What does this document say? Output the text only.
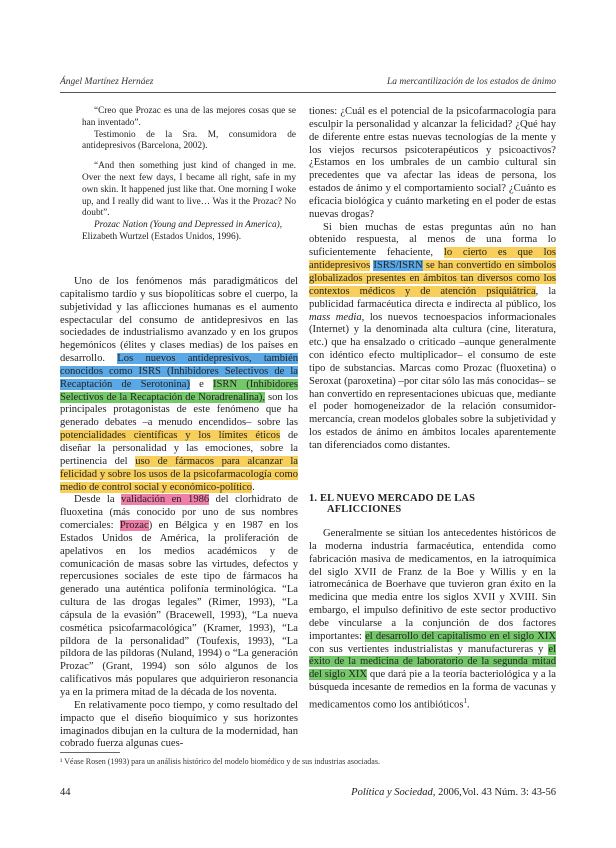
Ángel Martínez Hernáez	La mercantilización de los estados de ánimo

“Creo que Prozac es una de las mejores cosas que se han inventado”.

Testimonio de la Sra. M, consumidora de antidepresivos (Barcelona, 2002).

“And then something just kind of changed in me. Over the next few days, I became all right, safe in my own skin. It happened just like that. One morning I woke up, and I really did want to live… Was it the Prozac? No doubt”.

Prozac Nation (Young and Depressed in America),

Elizabeth Wurtzel (Estados Unidos, 1996).

Uno de los fenómenos más paradigmáticos del capitalismo tardío y sus biopolíticas sobre el cuerpo, la subjetividad y las aflicciones humanas es el aumento espectacular del consumo de antidepresivos en las sociedades de industrialismo avanzado y en los grupos hegemónicos (élites y clases medias) de los países en desarrollo. Los nuevos antidepresivos, también conocidos como ISRS (Inhibidores Selectivos de la Recaptación de Serotonina) e ISRN (Inhibidores Selectivos de la Recaptación de Noradrenalina), son los principales protagonistas de este fenómeno que ha generado debates –a menudo encendidos– sobre las potencialidades científicas y los límites éticos de diseñar la personalidad y las emociones, sobre la pertinencia del uso de fármacos para alcanzar la felicidad y sobre los usos de la psicofarmacología como medio de control social y económico-político.

Desde la validación en 1986 del clorhidrato de fluoxetina (más conocido por uno de sus nombres comerciales: Prozac) en Bélgica y en 1987 en los Estados Unidos de América, la proliferación de apelativos en los medios académicos y de comunicación de masas sobre las virtudes, defectos y repercusiones sociales de este tipo de fármacos ha generado una auténtica polifonía terminológica. “La cultura de las drogas legales” (Rimer, 1993), “La cápsula de la evasión” (Bracewell, 1993), “La nueva cosmética psicofarmacológica” (Kramer, 1993), “La píldora de la personalidad” (Toufexis, 1993), “La píldora de las píldoras (Nuland, 1994) o “La generación Prozac” (Grant, 1994) son sólo algunos de los calificativos más populares que adquirieron resonancia ya en la primera mitad de la década de los noventa.

En relativamente poco tiempo, y como resultado del impacto que el diseño bioquímico y sus horizontes imaginados dibujan en la cultura de la modernidad, han cobrado fuerza algunas cues-

tiones: ¿Cuál es el potencial de la psicofarmacología para esculpir la personalidad y alcanzar la felicidad? ¿Qué hay de diferente entre estas nuevas tecnologías de la mente y los viejos recursos psicoterapéuticos y psicoactivos? ¿Estamos en los umbrales de un cambio cultural sin precedentes que va afectar las ideas de persona, los estados de ánimo y el comportamiento social? ¿Cuánto es eficacia biológica y cuánto marketing en el poder de estas nuevas drogas?

Si bien muchas de estas preguntas aún no han obtenido respuesta, al menos de una forma lo suficientemente fehaciente, lo cierto es que los antidepresivos ISRS/ISRN se han convertido en símbolos globalizados presentes en ámbitos tan diversos como los contextos médicos y de atención psiquiátrica, la publicidad farmacéutica directa e indirecta al público, los mass media, los nuevos tecnoespacios informacionales (Internet) y la denominada alta cultura (cine, literatura, etc.) que ha ensalzado o criticado –aunque generalmente con idéntico efecto multiplicador– el consumo de este tipo de substancias. Marcas como Prozac (fluoxetina) o Seroxat (paroxetina) –por citar sólo las más conocidas– se han convertido en representaciones ubicuas que, mediante el poder homogeneizador de la relación consumidor-mercancía, crean modelos globales sobre la subjetividad y los estados de ánimo en ámbitos locales aparentemente tan diferenciados como distantes.

1. EL NUEVO MERCADO DE LAS
AFLICCIONES

Generalmente se sitúan los antecedentes históricos de la moderna industria farmacéutica, entendida como fabricación masiva de medicamentos, en la iatroquímica del siglo XVII de Franz de la Boe y Willis y en la iatromecánica de Boerhave que tuvieron gran éxito en la medicina que media entre los siglos XVII y XVIII. Sin embargo, el impulso definitivo de este sector productivo debe vincularse a la conjunción de dos factores importantes: el desarrollo del capitalismo en el siglo XIX con sus vertientes industrialistas y manufactureras y el éxito de la medicina de laboratorio de la segunda mitad del siglo XIX que dará pie a la teoría bacteriológica y a la búsqueda incesante de remedios en la forma de vacunas y medicamentos como los antibióticos$^1$.

¹ Véase Rosen (1993) para un análisis histórico del modelo biomédico y de sus industrias asociadas.
44	Política y Sociedad, 2006,Vol. 43 Núm. 3: 43-56
